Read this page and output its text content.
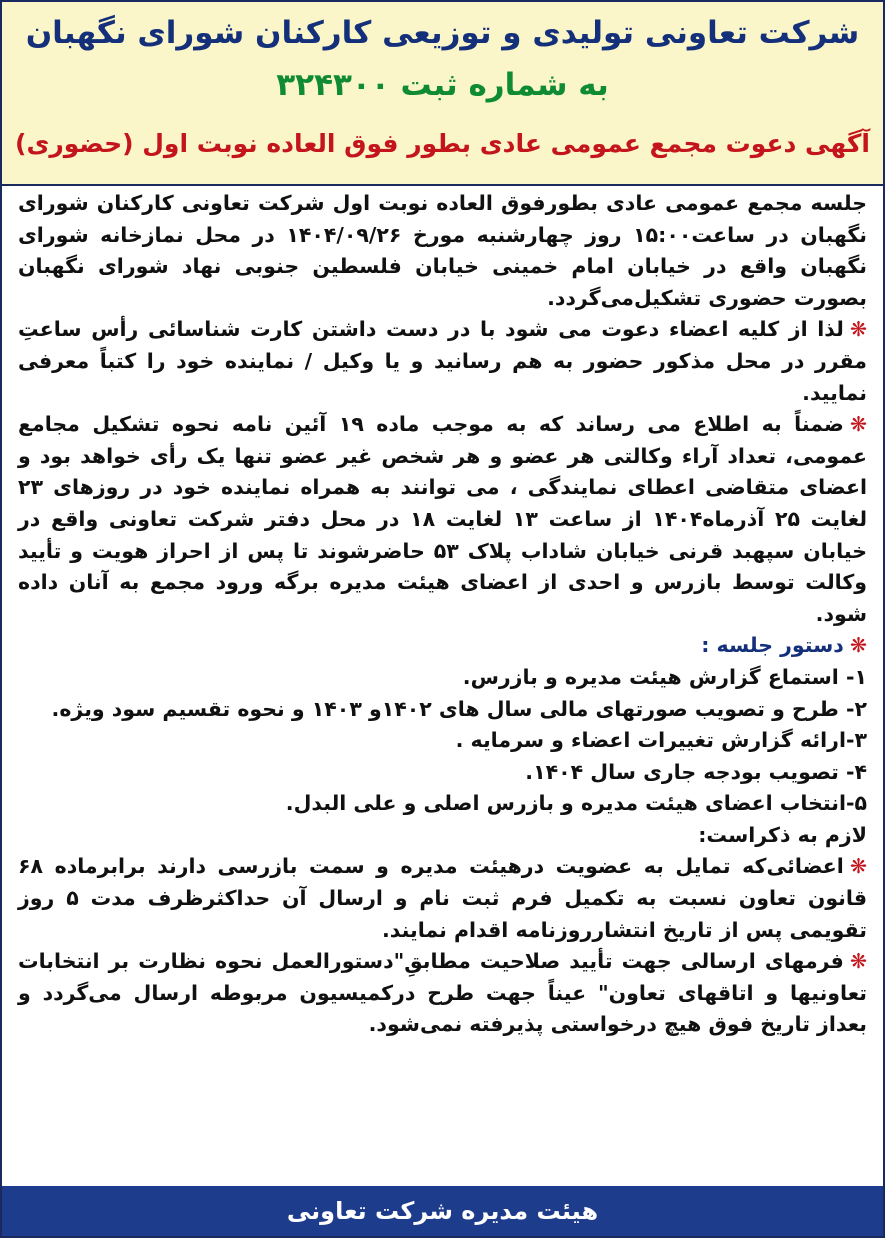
شرکت تعاونی تولیدی و توزیعی کارکنان شورای نگهبان
به شماره ثبت ۳۲۴۳۰۰
آگهی دعوت مجمع عمومی عادی بطور فوق العاده نوبت اول (حضوری)

جلسه مجمع عمومی عادی بطورفوق العاده نوبت اول شرکت تعاونی کارکنان شورای نگهبان در ساعت۱۵:۰۰ روز چهارشنبه مورخ ۱۴۰۴/۰۹/۲۶ در محل نمازخانه شورای نگهبان واقع در خیابان امام خمینی خیابان فلسطین جنوبی نهاد شورای نگهبان بصورت حضوری تشکیل‌می‌گردد.

❋لذا از کلیه اعضاء دعوت می شود با در دست داشتن کارت شناسائی رأس ساعتِ مقرر در محل مذکور حضور به هم رسانید و یا وکیل / نماینده خود را کتباً معرفی نمایید.

❋ضمناً به اطلاع می رساند که به موجب ماده ۱۹ آئین نامه نحوه تشکیل مجامع عمومی، تعداد آراء وکالتی هر عضو و هر شخص غیر عضو تنها یک رأی خواهد بود و اعضای متقاضی اعطای نمایندگی ، می توانند به همراه نماینده خود در روزهای ۲۳ لغایت ۲۵ آذرماه۱۴۰۴ از ساعت ۱۳ لغایت ۱۸ در محل دفتر شرکت تعاونی واقع در خیابان سپهبد قرنی خیابان شاداب پلاک ۵۳ حاضرشوند تا پس از احراز هویت و تأیید وکالت توسط بازرس و احدی از اعضای هیئت مدیره برگه ورود مجمع به آنان داده شود.

❋دستور جلسه :

۱- استماع گزارش هیئت مدیره و بازرس.

۲- طرح و تصویب صورتهای مالی سال های ۱۴۰۲و ۱۴۰۳ و نحوه تقسیم سود ویژه.

۳-ارائه گزارش تغییرات اعضاء و سرمایه .

۴- تصویب بودجه جاری سال ۱۴۰۴.

۵-انتخاب اعضای هیئت مدیره و بازرس اصلی و علی البدل.

لازم به ذکراست:

❋اعضائی‌که تمایل به عضویت درهیئت مدیره و سمت بازرسی دارند برابرماده ۶۸ قانون تعاون نسبت به تکمیل فرم ثبت نام و ارسال آن حداکثرظرف مدت ۵ روز تقویمی پس از تاریخ انتشارروزنامه اقدام نمایند.

❋فرمهای ارسالی جهت تأیید صلاحیت مطابقِ"دستورالعمل نحوه نظارت بر انتخابات تعاونیها و اتاقهای تعاون" عیناً جهت طرح درکمیسیون مربوطه ارسال می‌گردد و بعداز تاریخ فوق هیچ درخواستی پذیرفته نمی‌شود.

هیئت مدیره شرکت تعاونی
